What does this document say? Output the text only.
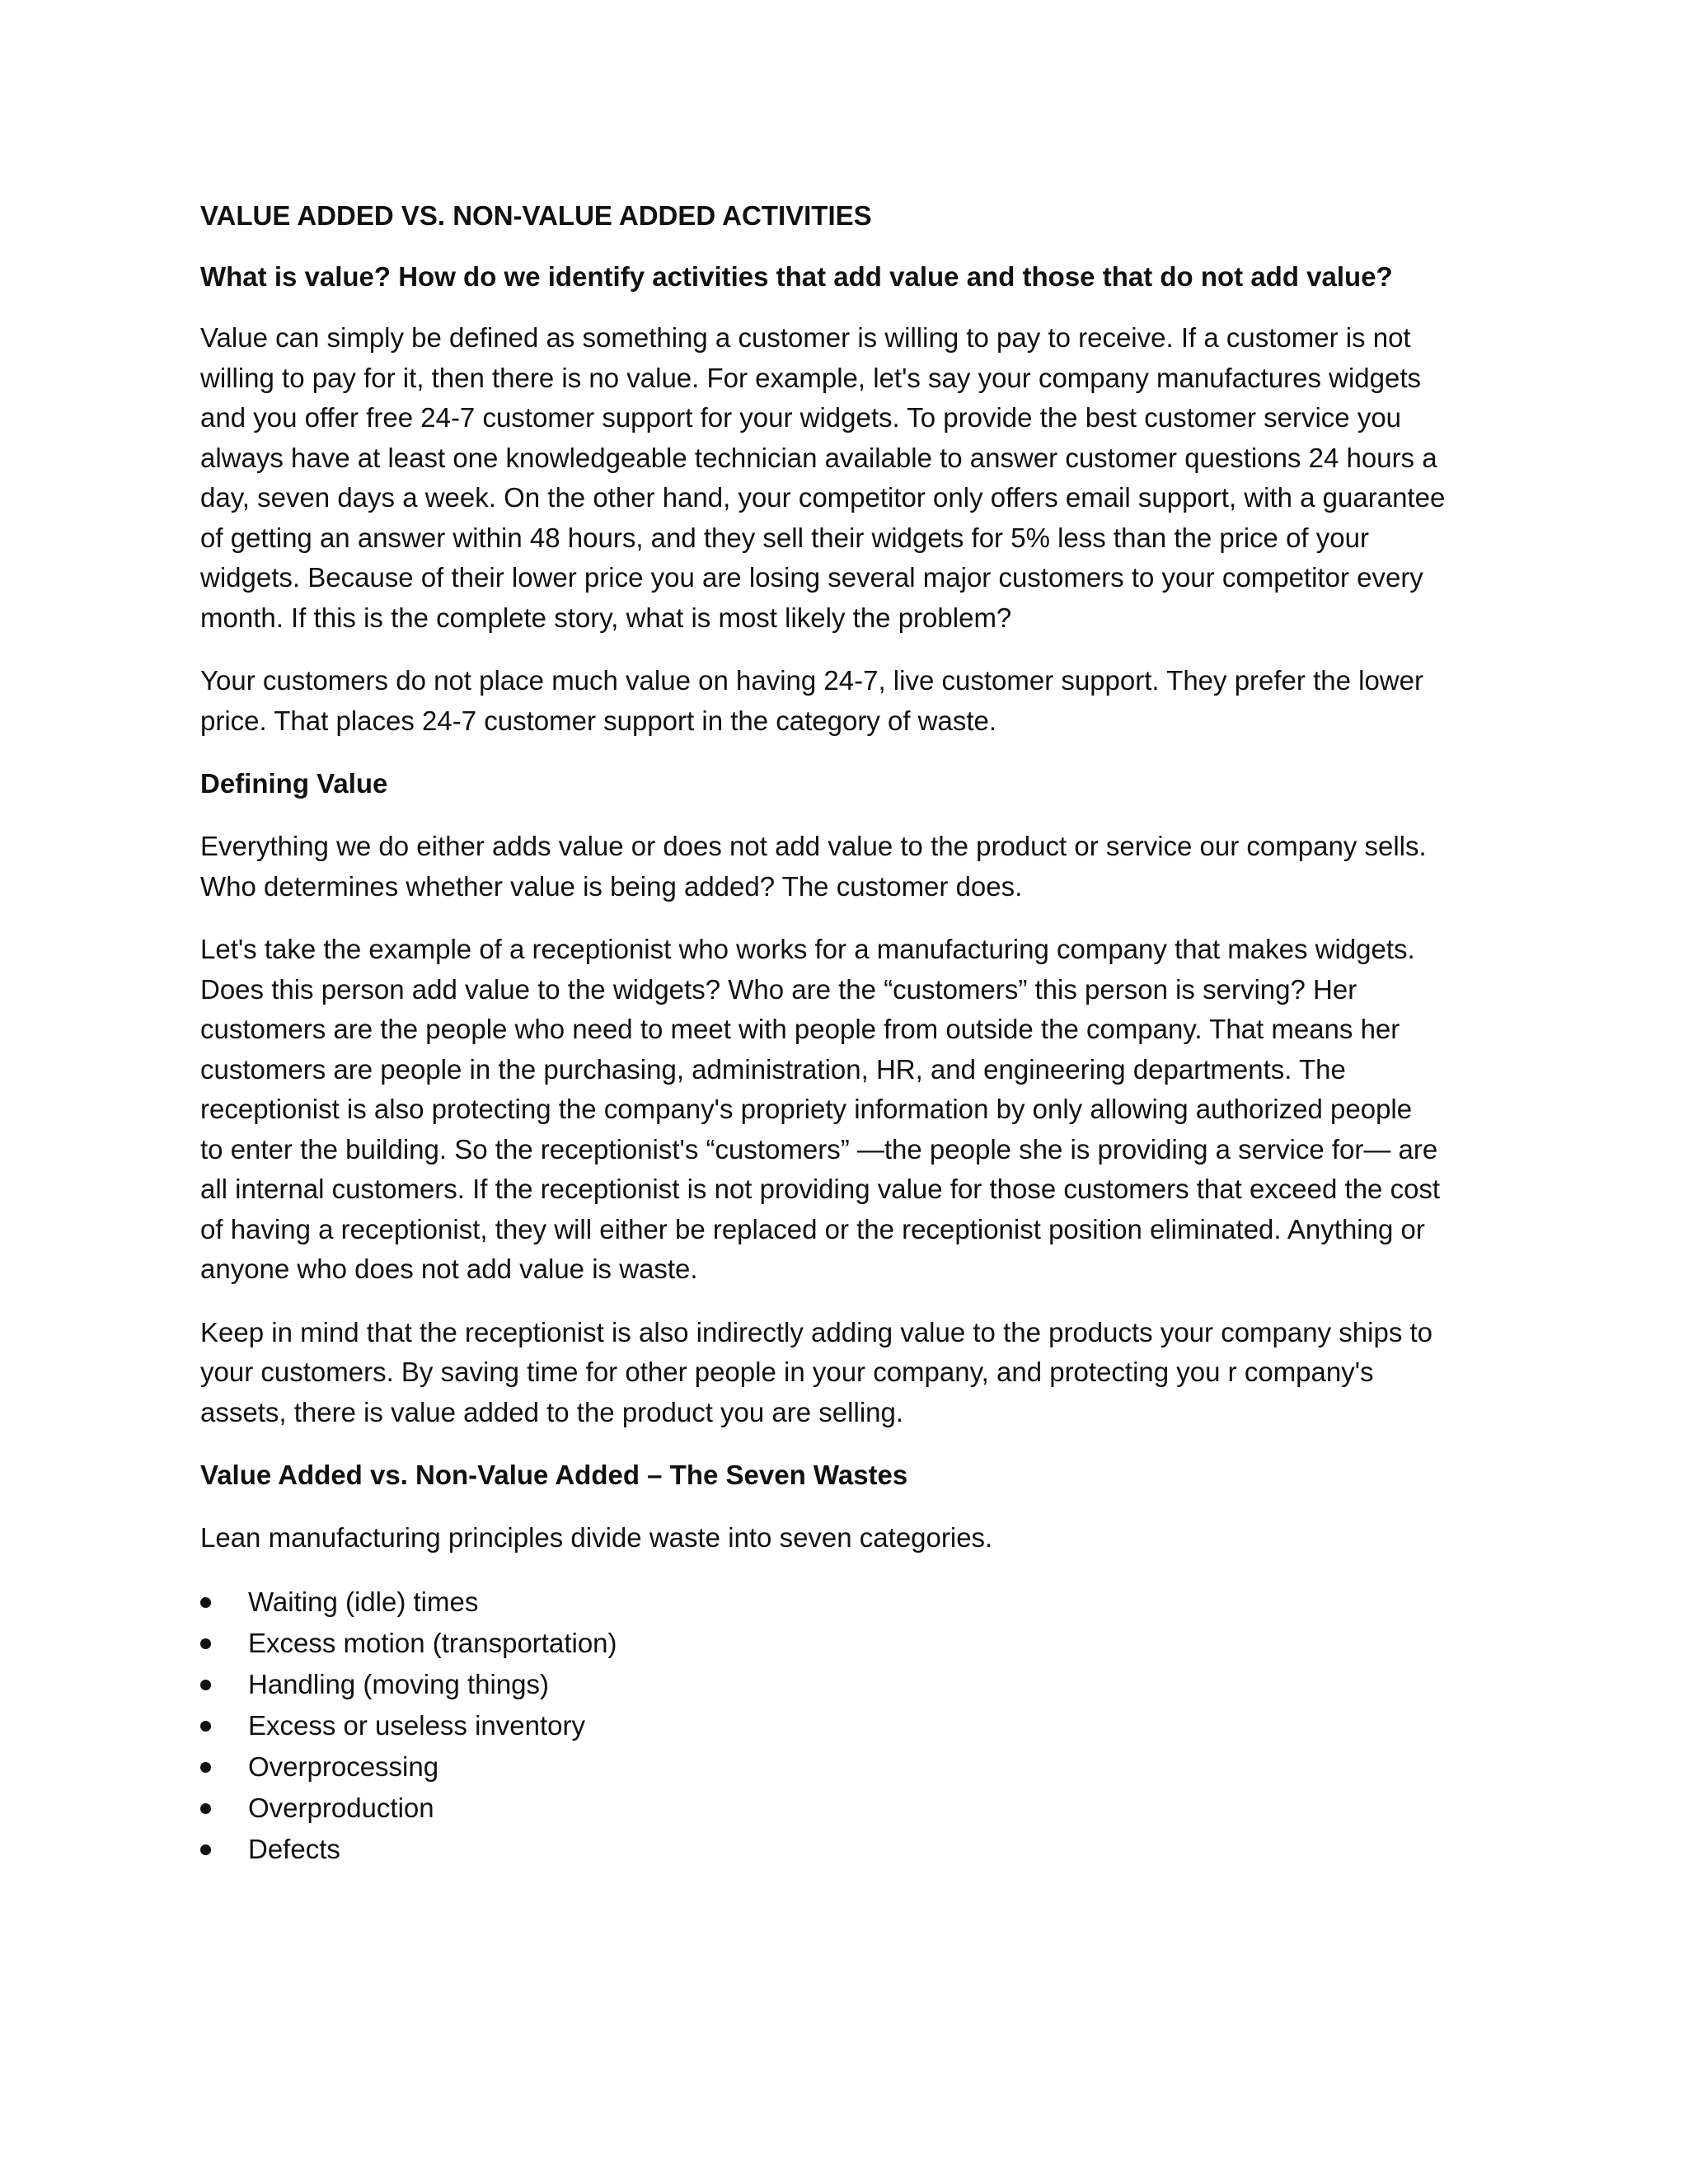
VALUE ADDED VS. NON-VALUE ADDED ACTIVITIES

What is value? How do we identify activities that add value and those that do not add value?

Value can simply be defined as something a customer is willing to pay to receive. If a customer is not
willing to pay for it, then there is no value. For example, let's say your company manufactures widgets
and you offer free 24-7 customer support for your widgets. To provide the best customer service you
always have at least one knowledgeable technician available to answer customer questions 24 hours a
day, seven days a week. On the other hand, your competitor only offers email support, with a guarantee
of getting an answer within 48 hours, and they sell their widgets for 5% less than the price of your
widgets. Because of their lower price you are losing several major customers to your competitor every
month. If this is the complete story, what is most likely the problem?
Your customers do not place much value on having 24-7, live customer support. They prefer the lower
price. That places 24-7 customer support in the category of waste.

Defining Value

Everything we do either adds value or does not add value to the product or service our company sells.
Who determines whether value is being added? The customer does.
Let's take the example of a receptionist who works for a manufacturing company that makes widgets.
Does this person add value to the widgets? Who are the “customers” this person is serving? Her
customers are the people who need to meet with people from outside the company. That means her
customers are people in the purchasing, administration, HR, and engineering departments. The
receptionist is also protecting the company's propriety information by only allowing authorized people
to enter the building. So the receptionist's “customers” —the people she is providing a service for— are
all internal customers. If the receptionist is not providing value for those customers that exceed the cost
of having a receptionist, they will either be replaced or the receptionist position eliminated. Anything or
anyone who does not add value is waste.
Keep in mind that the receptionist is also indirectly adding value to the products your company ships to
your customers. By saving time for other people in your company, and protecting you r company's
assets, there is value added to the product you are selling.

Value Added vs. Non-Value Added – The Seven Wastes

Lean manufacturing principles divide waste into seven categories.

Waiting (idle) times
Excess motion (transportation)
Handling (moving things)
Excess or useless inventory
Overprocessing
Overproduction
Defects
